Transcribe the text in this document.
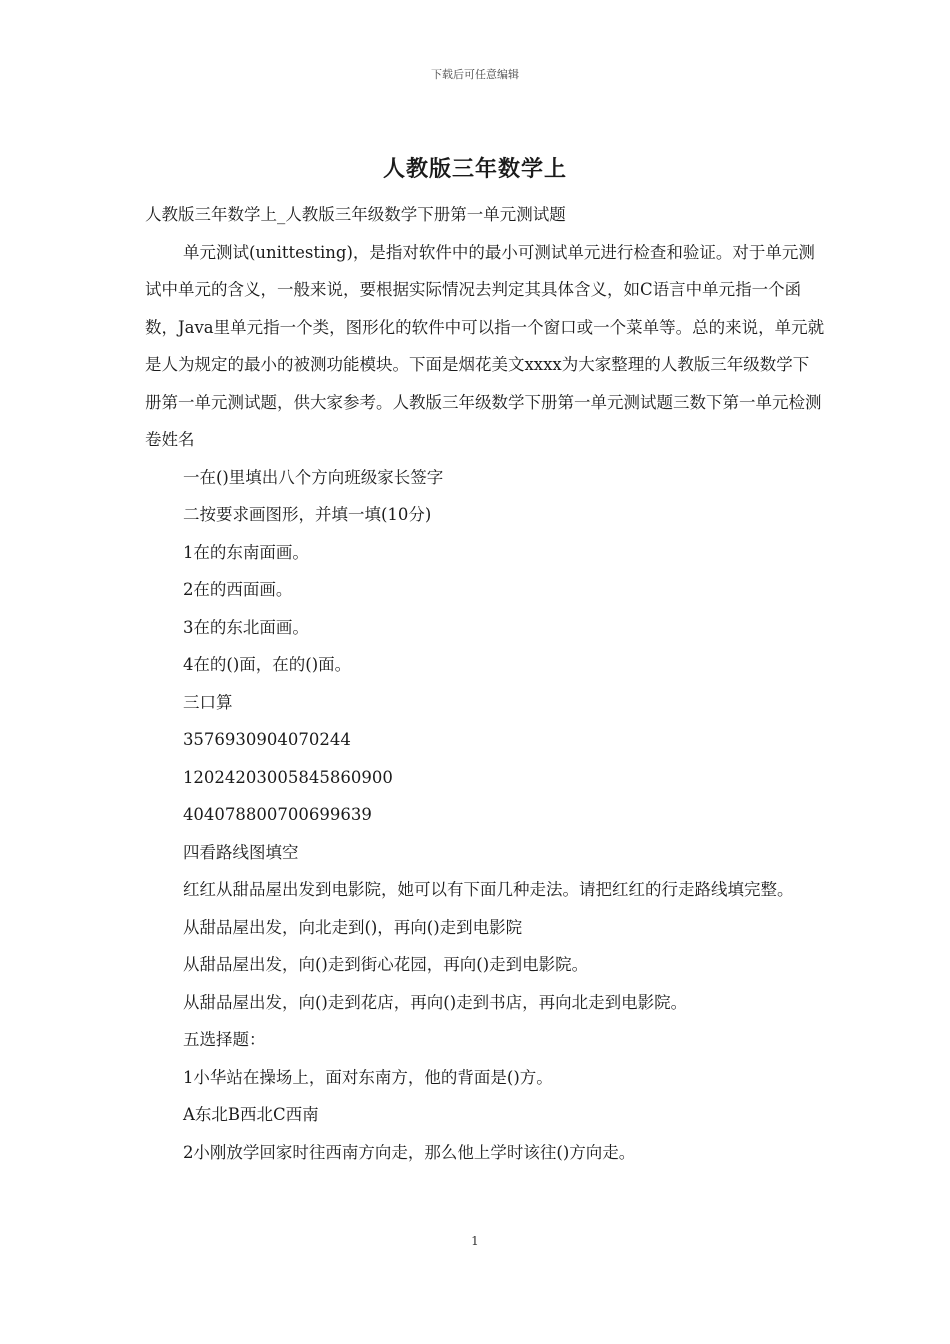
下载后可任意编辑
人教版三年数学上

人教版三年数学上_人教版三年级数学下册第一单元测试题

单元测试(unittesting)，是指对软件中的最小可测试单元进行检查和验证。对于单元测试中单元的含义，一般来说，要根据实际情况去判定其具体含义，如C语言中单元指一个函数，Java里单元指一个类，图形化的软件中可以指一个窗口或一个菜单等。总的来说，单元就是人为规定的最小的被测功能模块。下面是烟花美文xxxx为大家整理的人教版三年级数学下册第一单元测试题，供大家参考。人教版三年级数学下册第一单元测试题三数下第一单元检测卷姓名

一在()里填出八个方向班级家长签字

二按要求画图形，并填一填(10分)

1在的东南面画。

2在的西面画。

3在的东北面画。

4在的()面，在的()面。

三口算

3576930904070244

12024203005845860900

404078800700699639

四看路线图填空

红红从甜品屋出发到电影院，她可以有下面几种走法。请把红红的行走路线填完整。

从甜品屋出发，向北走到()，再向()走到电影院

从甜品屋出发，向()走到街心花园，再向()走到电影院。

从甜品屋出发，向()走到花店，再向()走到书店，再向北走到电影院。

五选择题：

1小华站在操场上，面对东南方，他的背面是()方。

A东北B西北C西南

2小刚放学回家时往西南方向走，那么他上学时该往()方向走。

1
